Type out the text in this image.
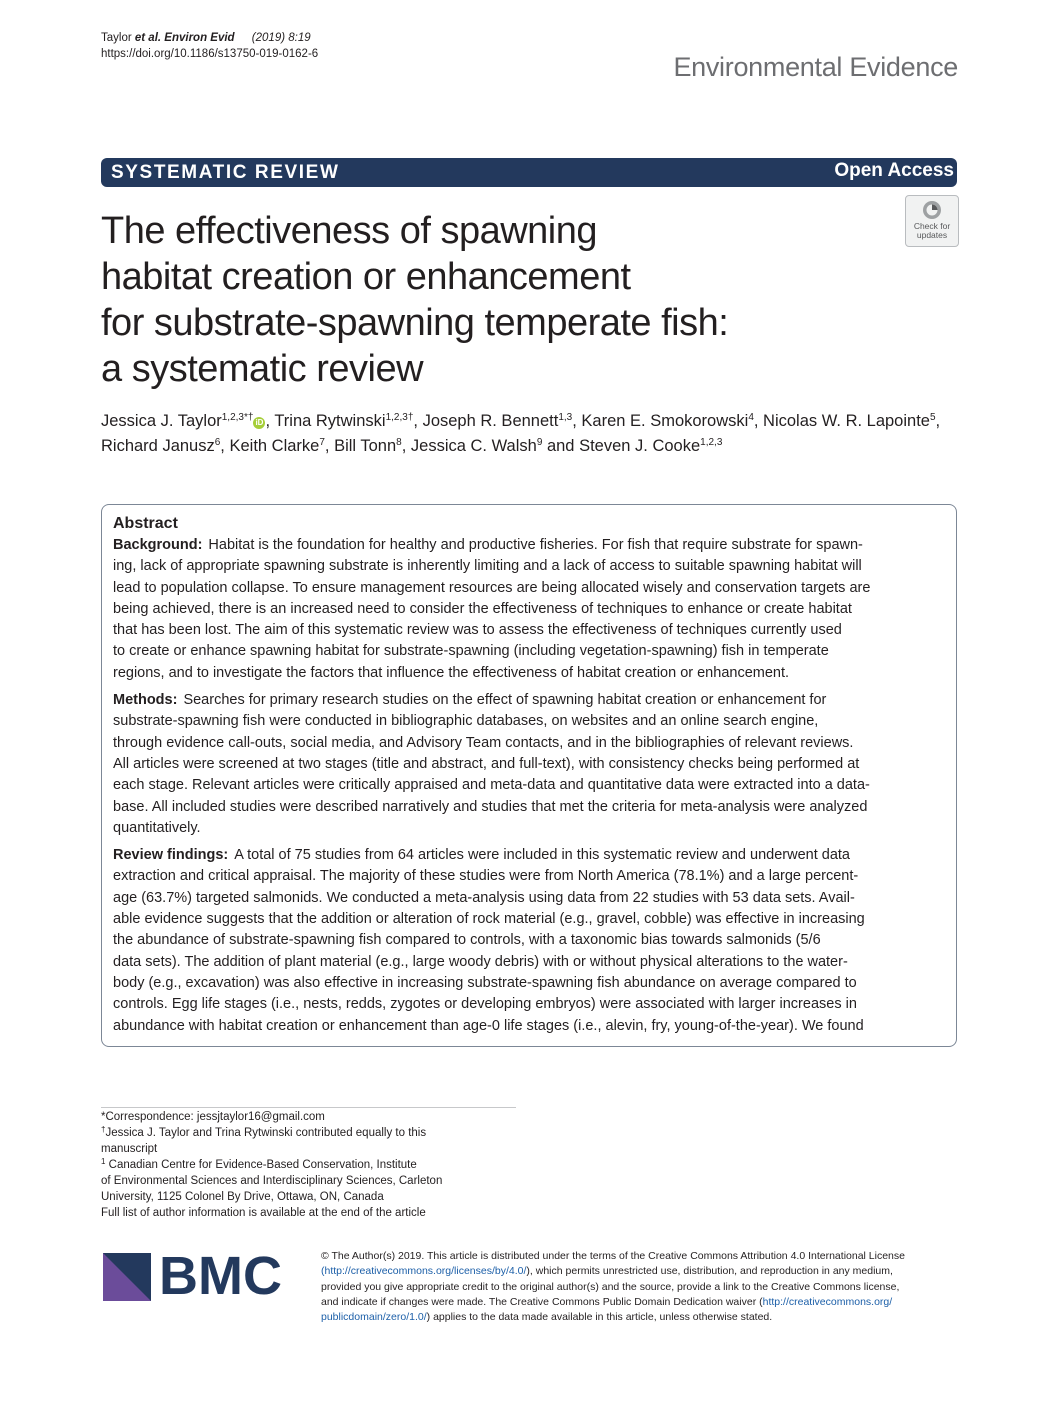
Taylor et al. Environ Evid (2019) 8:19
https://doi.org/10.1186/s13750-019-0162-6	Environmental Evidence
SYSTEMATIC REVIEW	Open Access
The effectiveness of spawning
habitat creation or enhancement
for substrate-spawning temperate fish:
a systematic review
Check for
updates
Jessica J. Taylor$^{1,2,3*\dagger}$ iD , Trina Rytwinski$^{1,2,3\dagger}$, Joseph R. Bennett$^{1,3}$, Karen E. Smokorowski$^4$, Nicolas W. R. Lapointe$^5$,
Richard Janusz$^6$, Keith Clarke$^7$, Bill Tonn$^8$, Jessica C. Walsh$^9$ and Steven J. Cooke$^{1,2,3}$
Abstract
Background: Habitat is the foundation for healthy and productive fisheries. For fish that require substrate for spawn-
ing, lack of appropriate spawning substrate is inherently limiting and a lack of access to suitable spawning habitat will
lead to population collapse. To ensure management resources are being allocated wisely and conservation targets are
being achieved, there is an increased need to consider the effectiveness of techniques to enhance or create habitat
that has been lost. The aim of this systematic review was to assess the effectiveness of techniques currently used
to create or enhance spawning habitat for substrate-spawning (including vegetation-spawning) fish in temperate
regions, and to investigate the factors that influence the effectiveness of habitat creation or enhancement.
Methods: Searches for primary research studies on the effect of spawning habitat creation or enhancement for
substrate-spawning fish were conducted in bibliographic databases, on websites and an online search engine,
through evidence call-outs, social media, and Advisory Team contacts, and in the bibliographies of relevant reviews.
All articles were screened at two stages (title and abstract, and full-text), with consistency checks being performed at
each stage. Relevant articles were critically appraised and meta-data and quantitative data were extracted into a data-
base. All included studies were described narratively and studies that met the criteria for meta-analysis were analyzed
quantitatively.
Review findings: A total of 75 studies from 64 articles were included in this systematic review and underwent data
extraction and critical appraisal. The majority of these studies were from North America (78.1%) and a large percent-
age (63.7%) targeted salmonids. We conducted a meta-analysis using data from 22 studies with 53 data sets. Avail-
able evidence suggests that the addition or alteration of rock material (e.g., gravel, cobble) was effective in increasing
the abundance of substrate-spawning fish compared to controls, with a taxonomic bias towards salmonids (5/6
data sets). The addition of plant material (e.g., large woody debris) with or without physical alterations to the water-
body (e.g., excavation) was also effective in increasing substrate-spawning fish abundance on average compared to
controls. Egg life stages (i.e., nests, redds, zygotes or developing embryos) were associated with larger increases in
abundance with habitat creation or enhancement than age-0 life stages (i.e., alevin, fry, young-of-the-year). We found
*Correspondence: jessjtaylor16@gmail.com
†Jessica J. Taylor and Trina Rytwinski contributed equally to this
manuscript
$^1$ Canadian Centre for Evidence-Based Conservation, Institute
of Environmental Sciences and Interdisciplinary Sciences, Carleton
University, 1125 Colonel By Drive, Ottawa, ON, Canada
Full list of author information is available at the end of the article
BMC	© The Author(s) 2019. This article is distributed under the terms of the Creative Commons Attribution 4.0 International License
(http://creativecommons.org/licenses/by/4.0/), which permits unrestricted use, distribution, and reproduction in any medium,
provided you give appropriate credit to the original author(s) and the source, provide a link to the Creative Commons license,
and indicate if changes were made. The Creative Commons Public Domain Dedication waiver (http://creativecommons.org/
publicdomain/zero/1.0/) applies to the data made available in this article, unless otherwise stated.
